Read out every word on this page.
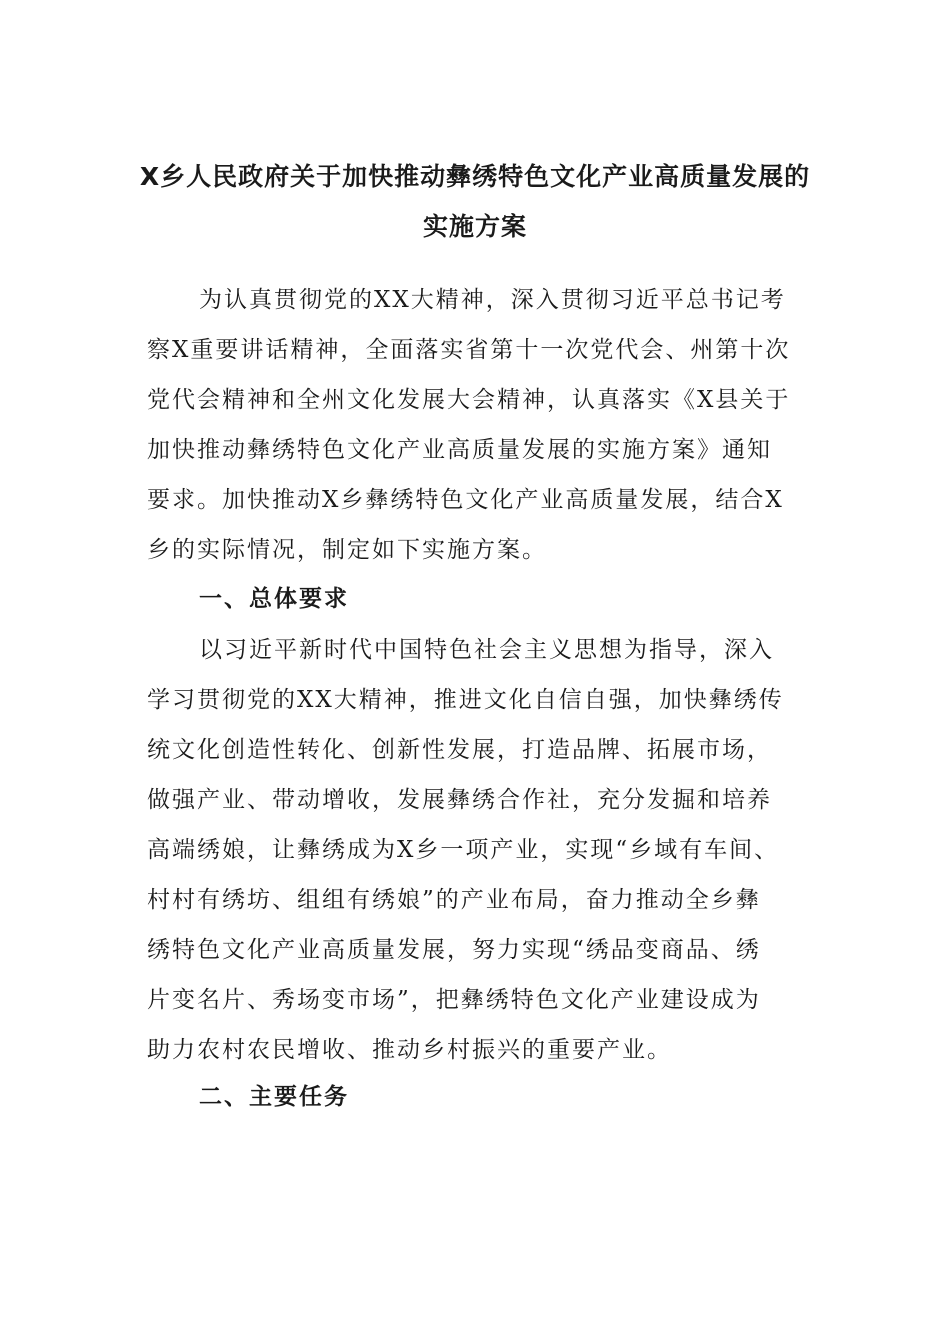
X乡人民政府关于加快推动彝绣特色文化产业高质量发展的
实施方案
为认真贯彻党的XX大精神，深入贯彻习近平总书记考
察X重要讲话精神，全面落实省第十一次党代会、州第十次
党代会精神和全州文化发展大会精神，认真落实《X县关于
加快推动彝绣特色文化产业高质量发展的实施方案》通知
要求。加快推动X乡彝绣特色文化产业高质量发展，结合X
乡的实际情况，制定如下实施方案。
一、总体要求
以习近平新时代中国特色社会主义思想为指导，深入
学习贯彻党的XX大精神，推进文化自信自强，加快彝绣传
统文化创造性转化、创新性发展，打造品牌、拓展市场，
做强产业、带动增收，发展彝绣合作社，充分发掘和培养
高端绣娘，让彝绣成为X乡一项产业，实现“乡域有车间、
村村有绣坊、组组有绣娘”的产业布局，奋力推动全乡彝
绣特色文化产业高质量发展，努力实现“绣品变商品、绣
片变名片、秀场变市场”，把彝绣特色文化产业建设成为
助力农村农民增收、推动乡村振兴的重要产业。
二、主要任务
